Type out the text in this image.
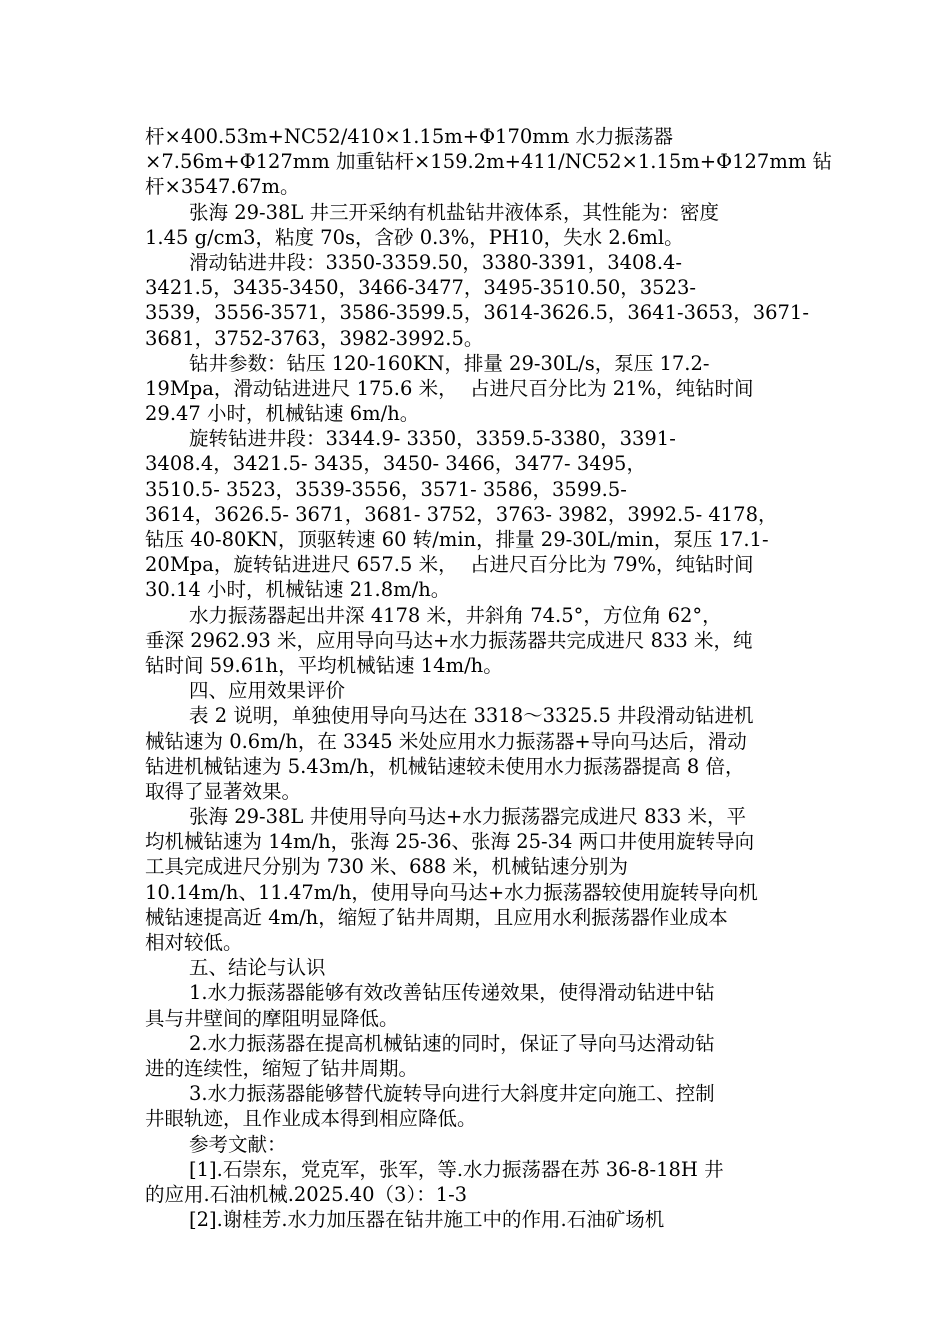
杆×400.53m+NC52/410×1.15m+Φ170mm 水力振荡器
×7.56m+Φ127mm 加重钻杆×159.2m+411/NC52×1.15m+Φ127mm 钻
杆×3547.67m。
张海 29-38L 井三开采纳有机盐钻井液体系，其性能为：密度
1.45 g/cm3，粘度 70s，含砂 0.3%，PH10，失水 2.6ml。
滑动钻进井段：3350-3359.50，3380-3391，3408.4-
3421.5，3435-3450，3466-3477，3495-3510.50，3523-
3539，3556-3571，3586-3599.5，3614-3626.5，3641-3653，3671-
3681，3752-3763，3982-3992.5。
钻井参数：钻压 120-160KN，排量 29-30L/s，泵压 17.2-
19Mpa，滑动钻进进尺 175.6 米，  占进尺百分比为 21%，纯钻时间
29.47 小时，机械钻速 6m/h。
旋转钻进井段：3344.9- 3350，3359.5-3380，3391-
3408.4，3421.5- 3435，3450- 3466，3477- 3495，
3510.5- 3523，3539-3556，3571- 3586，3599.5-
3614，3626.5- 3671，3681- 3752，3763- 3982，3992.5- 4178，
钻压 40-80KN，顶驱转速 60 转/min，排量 29-30L/min，泵压 17.1-
20Mpa，旋转钻进进尺 657.5 米，  占进尺百分比为 79%，纯钻时间
30.14 小时，机械钻速 21.8m/h。
水力振荡器起出井深 4178 米，井斜角 74.5°，方位角 62°，
垂深 2962.93 米，应用导向马达+水力振荡器共完成进尺 833 米，纯
钻时间 59.61h，平均机械钻速 14m/h。
四、应用效果评价
表 2 说明，单独使用导向马达在 3318～3325.5 井段滑动钻进机
械钻速为 0.6m/h，在 3345 米处应用水力振荡器+导向马达后，滑动
钻进机械钻速为 5.43m/h，机械钻速较未使用水力振荡器提高 8 倍，
取得了显著效果。
张海 29-38L 井使用导向马达+水力振荡器完成进尺 833 米，平
均机械钻速为 14m/h，张海 25-36、张海 25-34 两口井使用旋转导向
工具完成进尺分别为 730 米、688 米，机械钻速分别为
10.14m/h、11.47m/h，使用导向马达+水力振荡器较使用旋转导向机
械钻速提高近 4m/h，缩短了钻井周期，且应用水利振荡器作业成本
相对较低。
五、结论与认识
1.水力振荡器能够有效改善钻压传递效果，使得滑动钻进中钻
具与井壁间的摩阻明显降低。
2.水力振荡器在提高机械钻速的同时，保证了导向马达滑动钻
进的连续性，缩短了钻井周期。
3.水力振荡器能够替代旋转导向进行大斜度井定向施工、控制
井眼轨迹，且作业成本得到相应降低。
参考文献：
[1].石崇东，党克军，张军，等.水力振荡器在苏 36-8-18H 井
的应用.石油机械.2025.40（3）：1-3
[2].谢桂芳.水力加压器在钻井施工中的作用.石油矿场机
